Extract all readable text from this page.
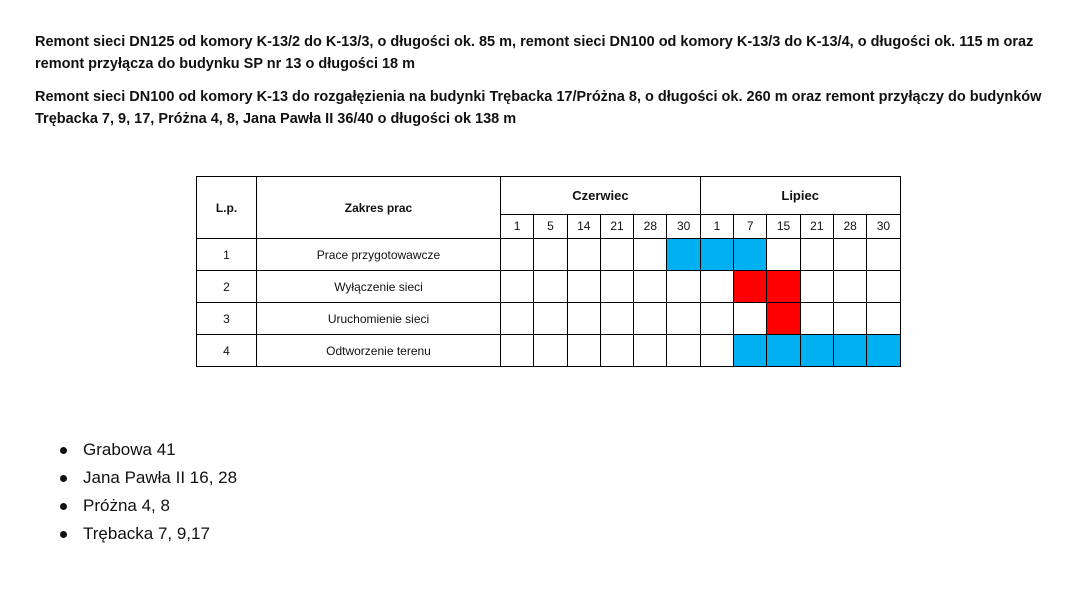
Remont sieci DN125 od komory K-13/2 do K-13/3, o długości ok. 85 m, remont sieci DN100 od komory K-13/3 do K-13/4, o długości ok. 115 m oraz remont przyłącza do budynku SP nr 13 o długości 18 m

Remont sieci DN100 od komory K-13 do rozgałęzienia na budynki Trębacka 17/Próżna 8, o długości ok. 260 m oraz remont przyłączy do budynków Trębacka 7, 9, 17, Próżna 4, 8, Jana Pawła II 36/40 o długości ok 138 m

L.p.	Zakres prac	Czerwiec						Lipiec					
		1	5	14	21	28	30	1	7	15	21	28	30
1	Prace przygotowawcze												
2	Wyłączenie sieci												
3	Uruchomienie sieci												
4	Odtworzenie terenu												
Grabowa 41
Jana Pawła II 16, 28
Próżna 4, 8
Trębacka 7, 9,17
